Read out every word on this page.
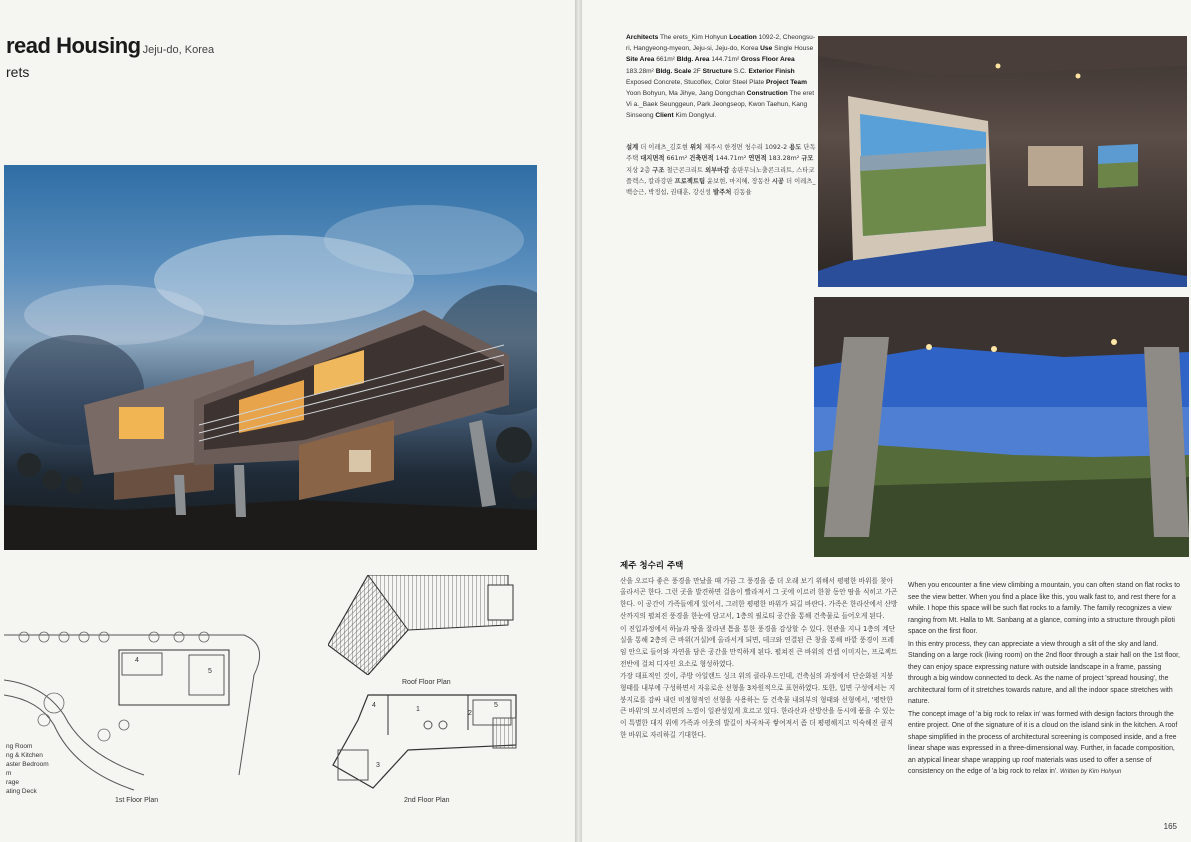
read Housing Jeju-do, Korea
rets
4
5
1st Floor Plan
Roof Floor Plan
1
2
3
4	5
2nd Floor Plan
ng Room
ng & Kitchen
aster Bedroom
m
rage
ating Deck
Architects The erets_Kim Hohyun Location 1092-2, Cheongsu-ri, Hangyeong-myeon, Jeju-si, Jeju-do, Korea Use Single House Site Area 661m² Bldg. Area 144.71m² Gross Floor Area 183.28m² Bldg. Scale 2F Structure S.C. Exterior Finish Exposed Concrete, Stucoflex, Color Steel Plate Project Team Yoon Bohyun, Ma Jihye, Jang Dongchan Construction The eret Vi a._Baek Seunggeun, Park Jeongseop, Kwon Taehun, Kang Sinseong Client Kim Donglyul.
설계 더 이레츠_김호현 위치 제주시 한경면 청수리 1092-2 용도 단독주택 대지면적 661m² 건축면적 144.71m² 연면적 183.28m² 규모 지상 2층 구조 철근콘크리트 외부마감 송판무늬노출콘크리트, 스타코플렉스, 칼라강판 프로젝트팀 윤보현, 마지혜, 장동찬 시공 더 이레츠_백승근, 박정섭, 권태훈, 강신성 발주처 김동율
제주 청수리 주택

산을 오르다 좋은 풍경을 만났을 때 가끔 그 풍경을 좀 더 오래 보기 위해서 평평한 바위를 찾아 올라서곤 한다. 그런 곳을 발견하면 걸음이 빨라져서 그 곳에 이르러 한참 동안 땀을 식히고 가곤 한다. 이 공간이 가족들에게 있어서, 그러한 평평한 바위가 되길 바란다. 가족은 한라산에서 산방산까지의 펼쳐진 풍경을 한눈에 담고서, 1층의 필로티 공간을 통해 건축물로 들어오게 된다.

이 진입과정에서 하늘과 땅을 잘라낸 틈을 통한 풍경을 감상할 수 있다. 현관을 지나 1층의 계단실을 통해 2층의 큰 바위(거실)에 올라서게 되면, 데크와 연결된 큰 창을 통해 바깥 풍경이 프레임 안으로 들어와 자연을 담은 공간을 만끽하게 된다. 펼쳐진 큰 바위의 컨셉 이미지는, 프로젝트 전반에 걸쳐 디자인 요소로 형성하였다.

가장 대표적인 것이, 주방 아일랜드 싱크 위의 클라우드인데, 건축심의 과정에서 단순화된 지붕형태를 내부에 구성하면서 자유로운 선형을 3차원적으로 표현하였다. 또한, 입면 구성에서는 지붕지로를 감싸 내린 비정형적인 선형을 사용하는 등 건축물 내외부의 형태와 선형에서, '평탄한 큰 바위'의 모서리면의 느낌이 일관성있게 흐르고 있다. 한라산과 산방산을 동시에 품을 수 있는 이 특별한 대지 위에 가족과 이웃의 발길이 차곡차곡 쌓여져서 좀 더 평평해지고 익숙해진 큼직한 바위로 자리하길 기대한다.

When you encounter a fine view climbing a mountain, you can often stand on flat rocks to see the view better. When you find a place like this, you walk fast to, and rest there for a while. I hope this space will be such flat rocks to a family. The family recognizes a view ranging from Mt. Halla to Mt. Sanbang at a glance, coming into a structure through piloti space on the first floor.

In this entry process, they can appreciate a view through a slit of the sky and land. Standing on a large rock (living room) on the 2nd floor through a stair hall on the 1st floor, they can enjoy space expressing nature with outside landscape in a frame, passing through a big window connected to deck. As the name of project 'spread housing', the architectural form of it stretches towards nature, and all the indoor space stretches with nature.

The concept image of 'a big rock to relax in' was formed with design factors through the entire project. One of the signature of it is a cloud on the island sink in the kitchen. A roof shape simplified in the process of architectural screening is composed inside, and a free linear shape was expressed in a three-dimensional way. Further, in facade composition, an atypical linear shape wrapping up roof materials was used to offer a sense of consistency on the edge of 'a big rock to relax in'. Written by Kim Hohyun

165
